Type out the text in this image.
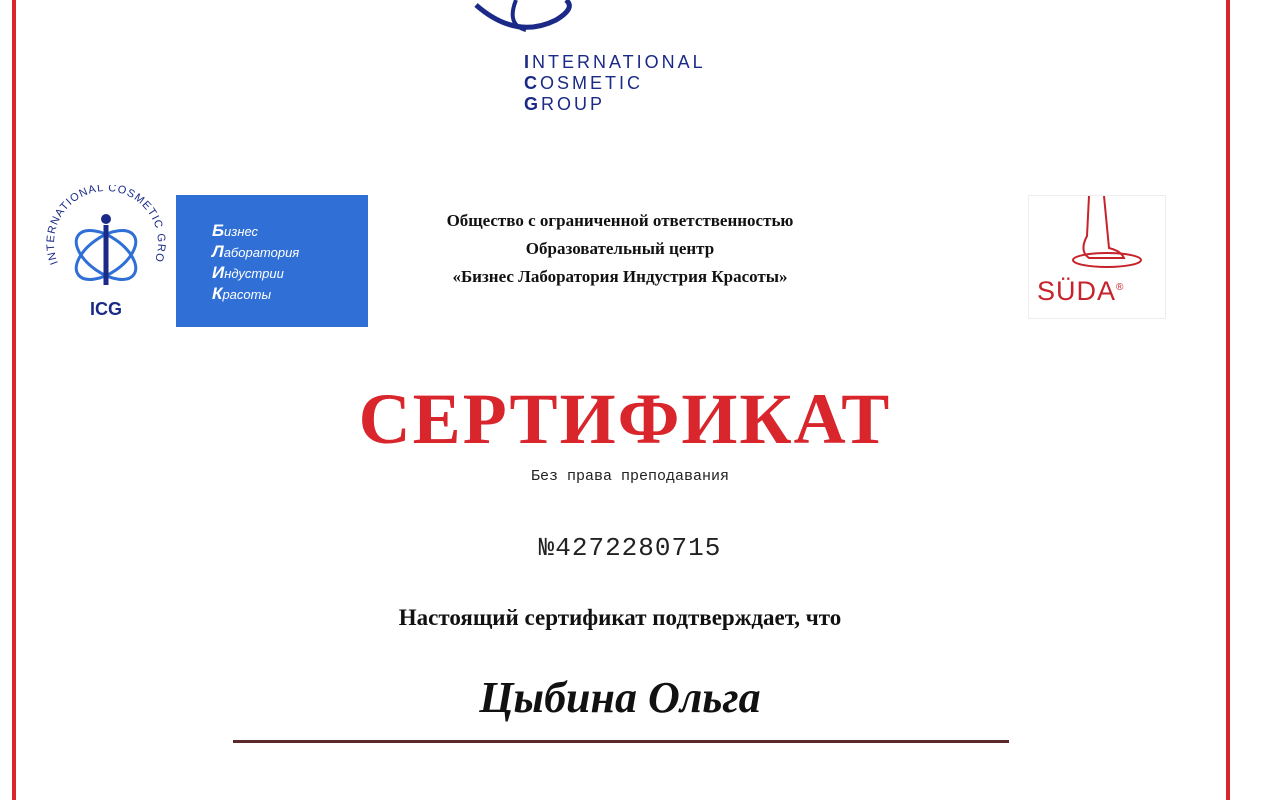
INTERNATIONAL
COSMETIC
GROUP
INTERNATIONAL COSMETIC GRO
ICG
Бизнес
Лаборатория
Индустрии
Красоты
Общество с ограниченной ответственностью
Образовательный центр
«Бизнес Лаборатория Индустрия Красоты»	SÜDA®
СЕРТИФИКАТ
Без права преподавания
№4272280715
Настоящий сертификат подтверждает, что
Цыбина Ольга
